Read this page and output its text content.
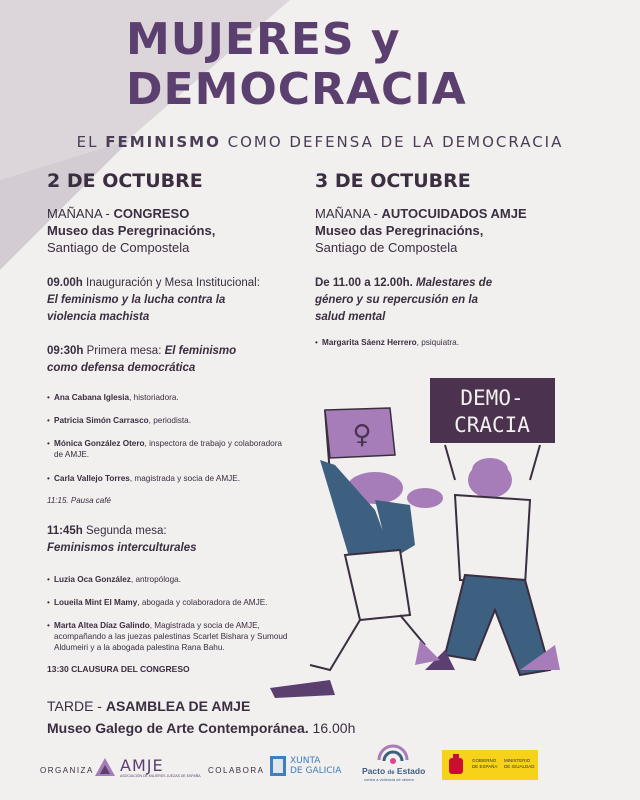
MUJERES y
DEMOCRACIA
EL FEMINISMO COMO DEFENSA DE LA DEMOCRACIA
2 DE OCTUBRE
MAÑANA - CONGRESO
Museo das Peregrinacións,
Santiago de Compostela
09.00h Inauguración y Mesa Institucional:
El feminismo y la lucha contra la
violencia machista
09:30h Primera mesa: El feminismo
como defensa democrática
• Ana Cabana Iglesia, historiadora.
• Patricia Simón Carrasco, periodista.
• Mónica González Otero, inspectora de trabajo y colaboradora
de AMJE.
• Carla Vallejo Torres, magistrada y socia de AMJE.
11:15. Pausa café
11:45h Segunda mesa:
Feminismos interculturales
• Luzia Oca González, antropóloga.
• Loueila Mint El Mamy, abogada y colaboradora de AMJE.
• Marta Altea Díaz Galindo, Magistrada y socia de AMJE,
acompañando a las juezas palestinas Scarlet Bishara y Sumoud
Aldumeiri y a la abogada palestina Rana Bahu.
13:30 CLAUSURA DEL CONGRESO
TARDE - ASAMBLEA DE AMJE
Museo Galego de Arte Contemporánea. 16.00h
3 DE OCTUBRE
MAÑANA - AUTOCUIDADOS AMJE
Museo das Peregrinacións,
Santiago de Compostela
De 11.00 a 12.00h. Malestares de
género y su repercusión en la
salud mental
• Margarita Sáenz Herrero, psiquiatra.
DEMO-
CRACIA
♀
ORGANIZA AMJE
ASOCIACIÓN DE MUJERES JUEZAS DE ESPAÑA
COLABORA
XUNTA
DE GALICIA Pacto de Estado
contra a violencia de xénero
GOBIERNO
DE ESPAÑA
MINISTERIO
DE IGUALDAD
